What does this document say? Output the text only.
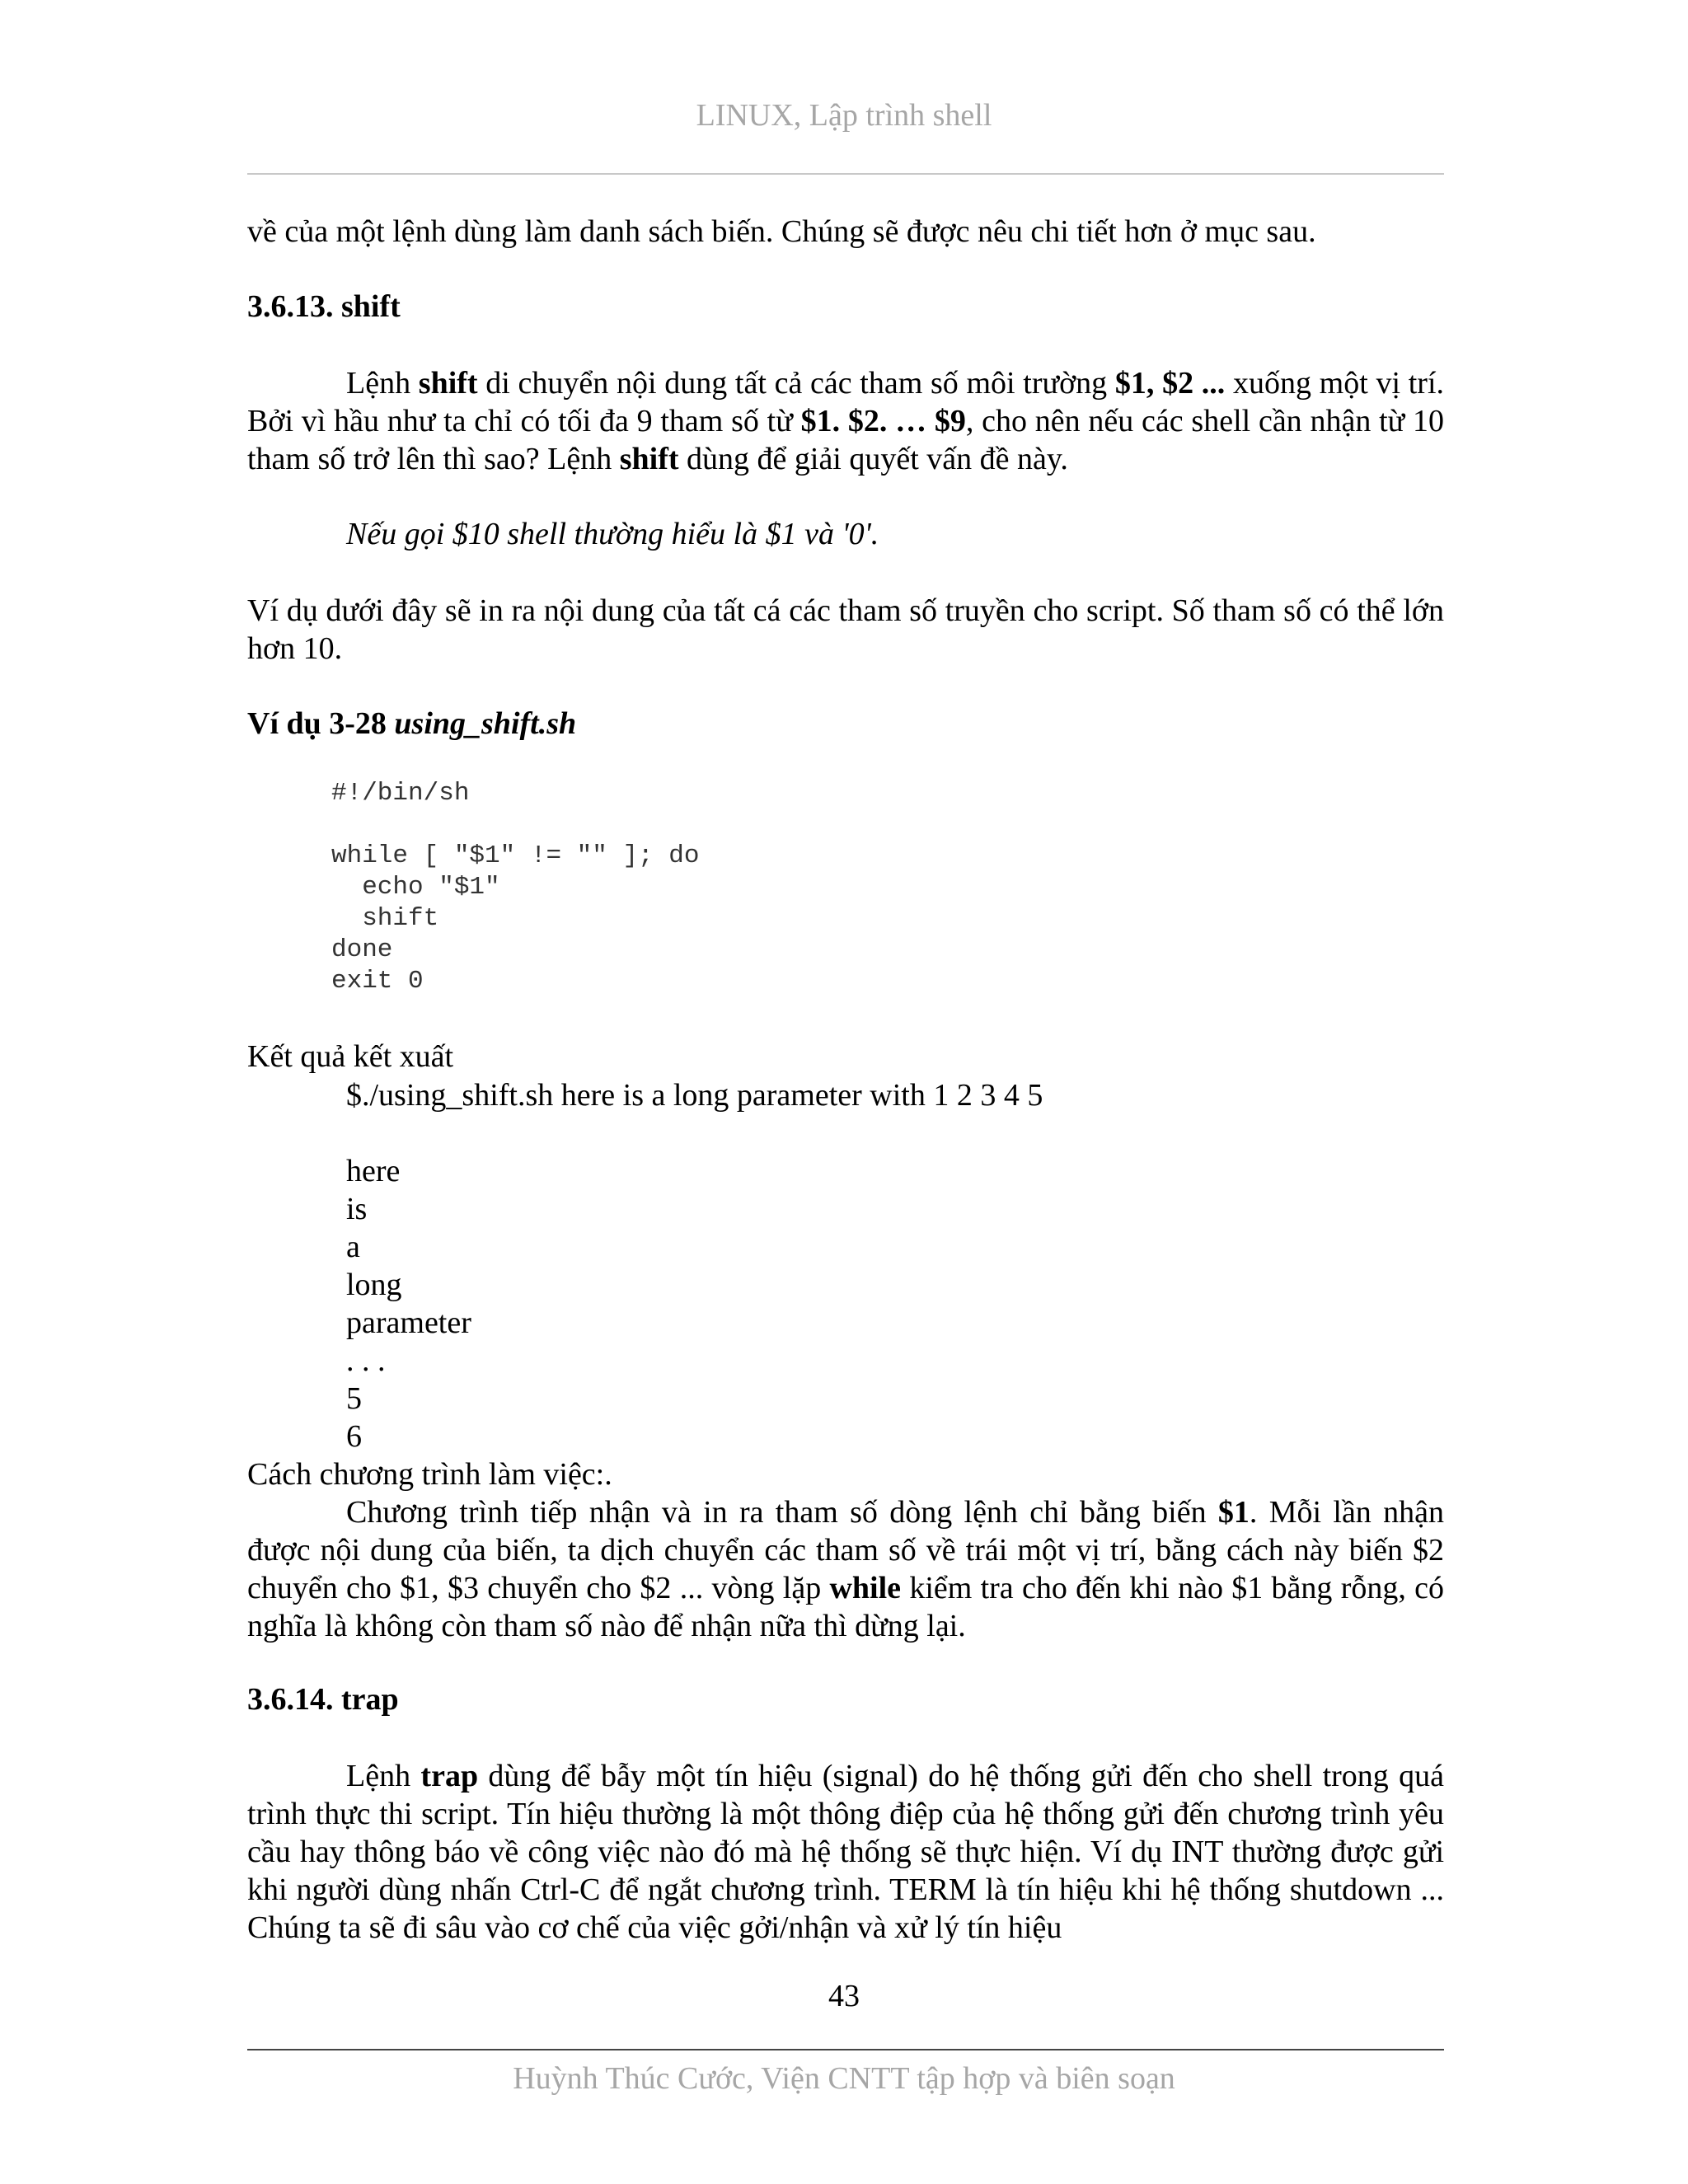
LINUX, Lập trình shell

về của một lệnh dùng làm danh sách biến. Chúng sẽ được nêu chi tiết hơn ở mục sau.

3.6.13. shift

Lệnh shift di chuyển nội dung tất cả các tham số môi trường $1, $2 ... xuống một vị trí. Bởi vì hầu như ta chỉ có tối đa 9 tham số từ $1. $2. … $9, cho nên nếu các shell cần nhận từ 10 tham số trở lên thì sao? Lệnh shift dùng để giải quyết vấn đề này.

Nếu gọi $10 shell thường hiểu là $1 và '0'.

Ví dụ dưới đây sẽ in ra nội dung của tất cá các tham số truyền cho script. Số tham số có thể lớn hơn 10.

Ví dụ 3-28 using_shift.sh

#!/bin/sh

while [ "$1" != "" ]; do
echo "$1"
shift
done
exit 0

Kết quả kết xuất

$./using_shift.sh here is a long parameter with 1 2 3 4 5
here
is
a
long
parameter
. . .
5
6

Cách chương trình làm việc:.

Chương trình tiếp nhận và in ra tham số dòng lệnh chỉ bằng biến $1. Mỗi lần nhận được nội dung của biến, ta dịch chuyển các tham số về trái một vị trí, bằng cách này biến $2 chuyển cho $1, $3 chuyển cho $2 ... vòng lặp while kiểm tra cho đến khi nào $1 bằng rỗng, có nghĩa là không còn tham số nào để nhận nữa thì dừng lại.

3.6.14. trap

Lệnh trap dùng để bẫy một tín hiệu (signal) do hệ thống gửi đến cho shell trong quá trình thực thi script. Tín hiệu thường là một thông điệp của hệ thống gửi đến chương trình yêu cầu hay thông báo về công việc nào đó mà hệ thống sẽ thực hiện. Ví dụ INT thường được gửi khi người dùng nhấn Ctrl-C để ngắt chương trình. TERM là tín hiệu khi hệ thống shutdown ... Chúng ta sẽ đi sâu vào cơ chế của việc gởi/nhận và xử lý tín hiệu

43
Huỳnh Thúc Cước, Viện CNTT tập hợp và biên soạn
